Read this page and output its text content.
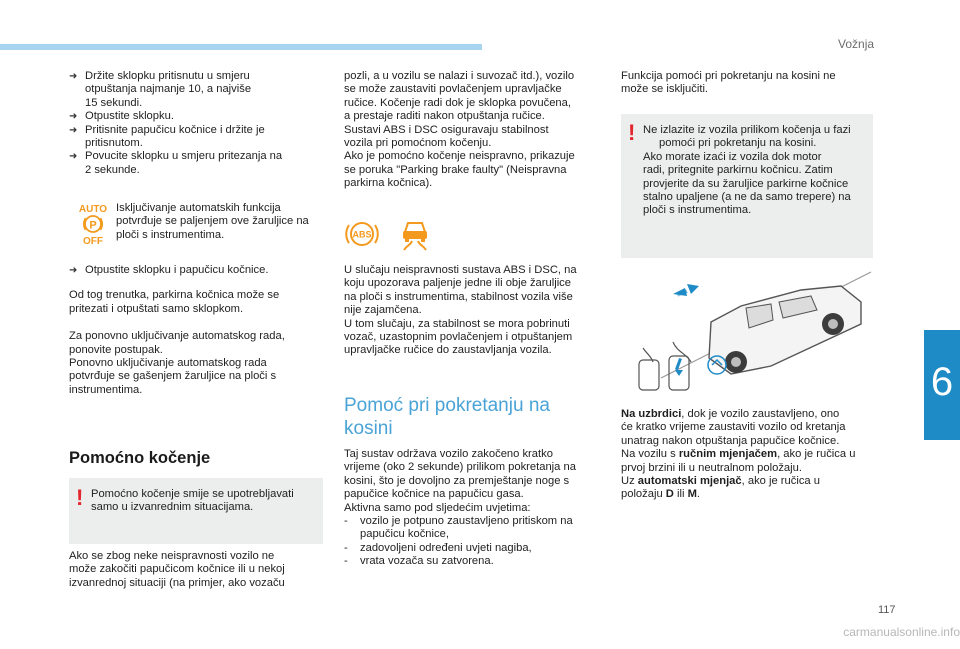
Vožnja
6
➜ Držite sklopku pritisnutu u smjeru
otpuštanja najmanje 10, a najviše
15 sekundi.
➜ Otpustite sklopku.
➜ Pritisnite papučicu kočnice i držite je
pritisnutom.
➜ Povucite sklopku u smjeru pritezanja na
2 sekunde.
AUTO
P
OFF
Isključivanje automatskih funkcija
potvrđuje se paljenjem ove žaruljice na
ploči s instrumentima.
➜ Otpustite sklopku i papučicu kočnice.
Od tog trenutka, parkirna kočnica može se
pritezati i otpuštati samo sklopkom.
Za ponovno uključivanje automatskog rada,
ponovite postupak.
Ponovno uključivanje automatskog rada
potvrđuje se gašenjem žaruljice na ploči s
instrumentima.
Pomoćno kočenje
! Pomoćno kočenje smije se upotrebljavati
samo u izvanrednim situacijama.
Ako se zbog neke neispravnosti vozilo ne
može zakočiti papučicom kočnice ili u nekoj
izvanrednoj situaciji (na primjer, ako vozaču
pozli, a u vozilu se nalazi i suvozač itd.), vozilo
se može zaustaviti povlačenjem upravljačke
ručice. Kočenje radi dok je sklopka povučena,
a prestaje raditi nakon otpuštanja ručice.
Sustavi ABS i DSC osiguravaju stabilnost
vozila pri pomoćnom kočenju.
Ako je pomoćno kočenje neispravno, prikazuje
se poruka "Parking brake faulty" (Neispravna
parkirna kočnica).
ABS
U slučaju neispravnosti sustava ABS i DSC, na
koju upozorava paljenje jedne ili obje žaruljice
na ploči s instrumentima, stabilnost vozila više
nije zajamčena.
U tom slučaju, za stabilnost se mora pobrinuti
vozač, uzastopnim povlačenjem i otpuštanjem
upravljačke ručice do zaustavljanja vozila.
Pomoć pri pokretanju na
kosini
Taj sustav održava vozilo zakočeno kratko
vrijeme (oko 2 sekunde) prilikom pokretanja na
kosini, što je dovoljno za premještanje noge s
papučice kočnice na papučicu gasa.
Aktivna samo pod sljedećim uvjetima:
-	vozilo je potpuno zaustavljeno pritiskom na
papučicu kočnice,
-	zadovoljeni određeni uvjeti nagiba,
-	vrata vozača su zatvorena.
Funkcija pomoći pri pokretanju na kosini ne
može se isključiti.
! Ne izlazite iz vozila prilikom kočenja u fazi
pomoći pri pokretanju na kosini.
Ako morate izaći iz vozila dok motor
radi, pritegnite parkirnu kočnicu. Zatim
provjerite da su žaruljice parkirne kočnice
stalno upaljene (a ne da samo trepere) na
ploči s instrumentima.
Na uzbrdici, dok je vozilo zaustavljeno, ono
će kratko vrijeme zaustaviti vozilo od kretanja
unatrag nakon otpuštanja papučice kočnice.
Na vozilu s ručnim mjenjačem, ako je ručica u
prvoj brzini ili u neutralnom položaju.
Uz automatski mjenjač, ako je ručica u
položaju D ili M.
117
carmanualsonline.info
